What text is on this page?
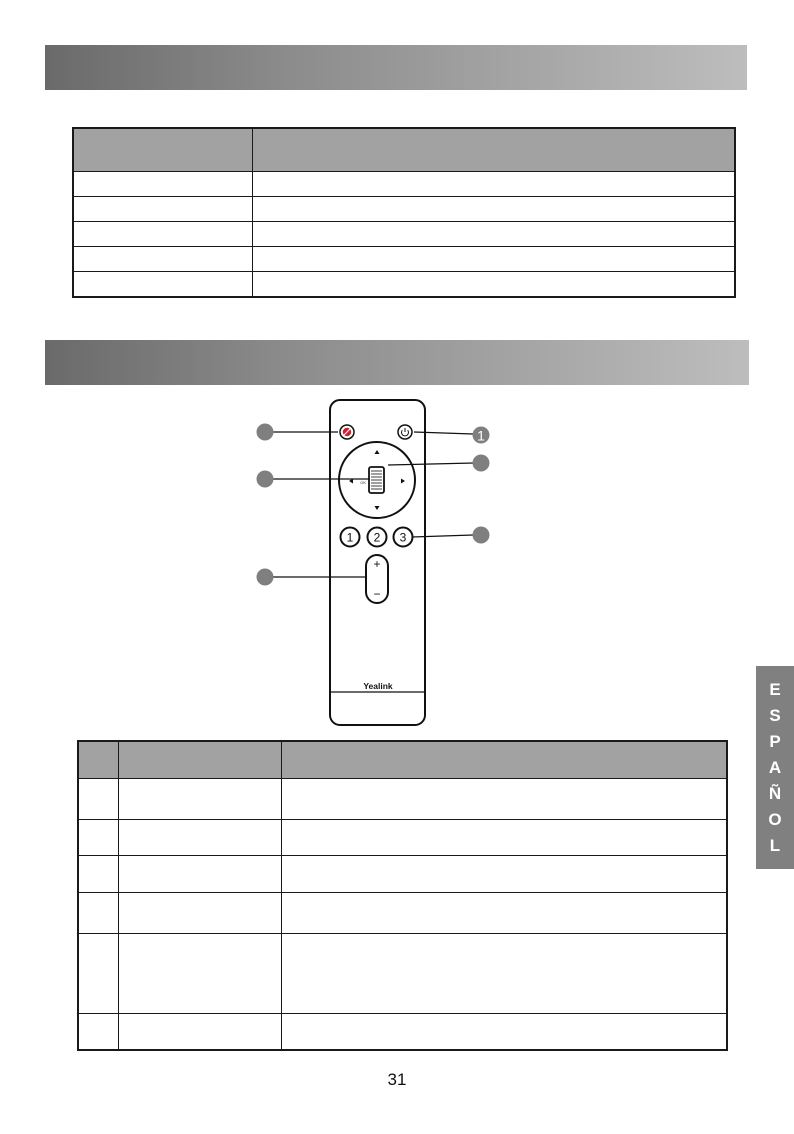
OK
1 2 3
+
−
Yealink
1

E
S
P
A
Ñ
O
L
31
